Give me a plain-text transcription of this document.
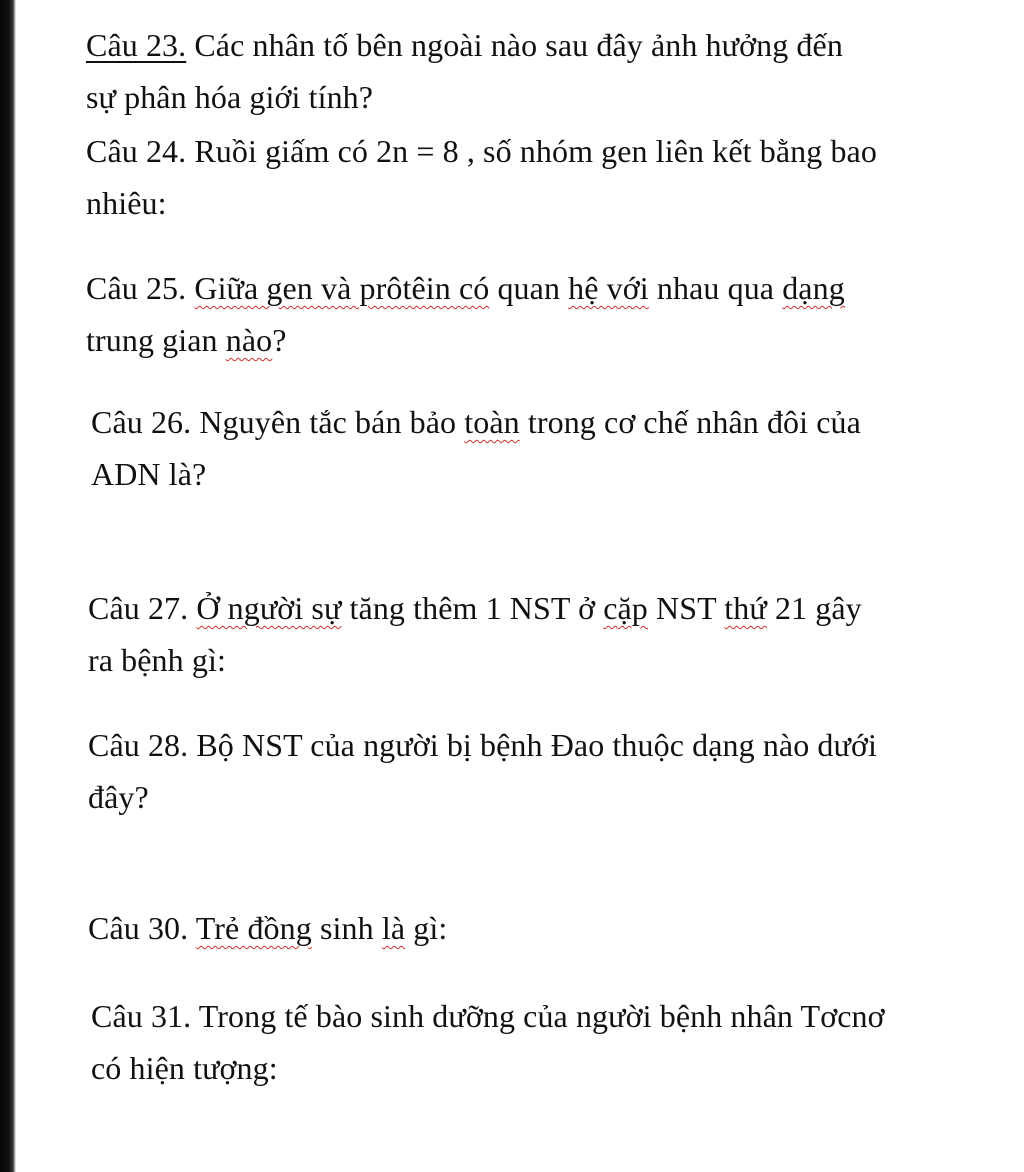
Câu 23. Các nhân tố bên ngoài nào sau đây ảnh hưởng đến
sự phân hóa giới tính?
Câu 24. Ruồi giấm có 2n = 8 , số nhóm gen liên kết bằng bao
nhiêu:
Câu 25. Giữa gen và prôtêin có quan hệ với nhau qua dạng
trung gian nào?
Câu 26. Nguyên tắc bán bảo toàn trong cơ chế nhân đôi của
ADN là?
Câu 27. Ở người sự tăng thêm 1 NST ở cặp NST thứ 21 gây
ra bệnh gì:
Câu 28. Bộ NST của người bị bệnh Đao thuộc dạng nào dưới
đây?
Câu 30. Trẻ đồng sinh là gì:
Câu 31. Trong tế bào sinh dưỡng của người bệnh nhân Tơcnơ
có hiện tượng:
